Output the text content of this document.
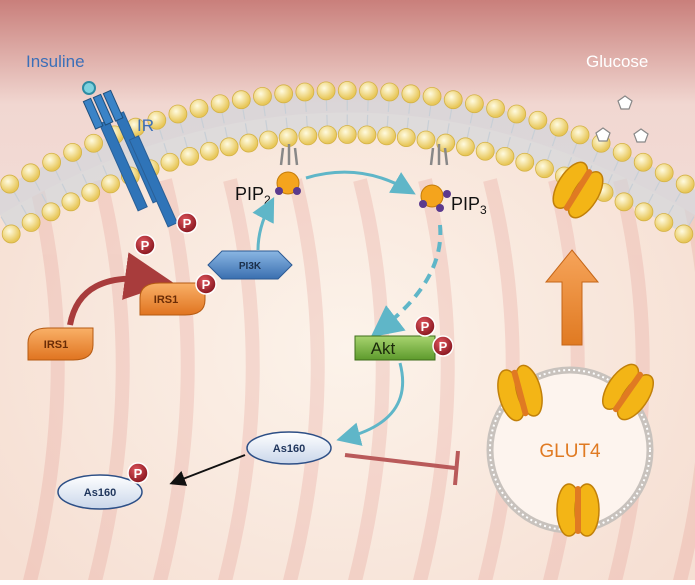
Insuline
IR
Glucose
$PIP_2$	$PIP_3$
PI3K
IRS1
IRS1	Akt
As160
As160
P
P
P
P
P
P
GLUT4
